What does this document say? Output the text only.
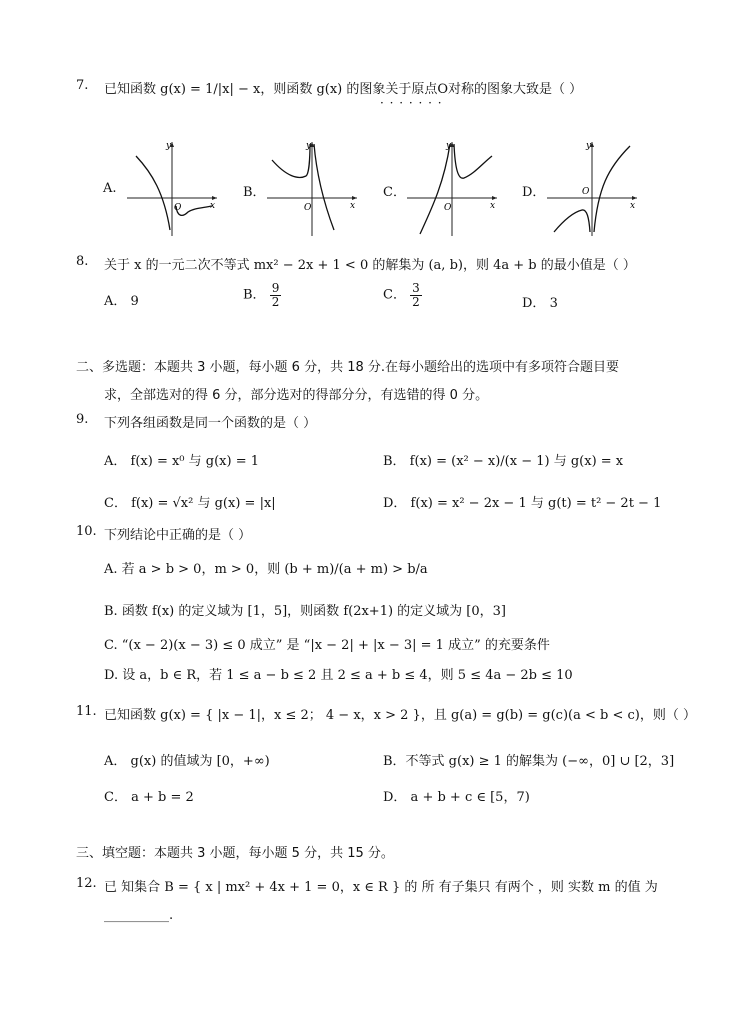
7. 已知函数 g(x) = 1/|x| − x，则函数 g(x) 的图象关于原点O对称的图象大致是（ ）
· · · · · · ·
A.
y
x
O
B．
y
x
O
C．
y
x
O
D．
y
x
O
8. 关于 x 的一元二次不等式 mx² − 2x + 1 < 0 的解集为 (a, b)，则 4a + b 的最小值是（ ）
A． 9	B． $\frac{9}{2}$	C． $\frac{3}{2}$	D． 3
二、多选题：本题共 3 小题，每小题 6 分，共 18 分.在每小题给出的选项中有多项符合题目要
求，全部选对的得 6 分，部分选对的得部分分，有选错的得 0 分。
9. 下列各组函数是同一个函数的是（ ）
A． f(x) = x⁰ 与 g(x) = 1	B． f(x) = (x² − x)/(x − 1) 与 g(x) = x
C． f(x) = √x² 与 g(x) = |x|	D． f(x) = x² − 2x − 1 与 g(t) = t² − 2t − 1
10. 下列结论中正确的是（ ）
A. 若 a > b > 0，m > 0，则 (b + m)/(a + m) > b/a
B. 函数 f(x) 的定义域为 [1，5]，则函数 f(2x+1) 的定义域为 [0，3]
C. “(x − 2)(x − 3) ≤ 0 成立” 是 “|x − 2| + |x − 3| = 1 成立” 的充要条件
D. 设 a，b ∈ R，若 1 ≤ a − b ≤ 2 且 2 ≤ a + b ≤ 4，则 5 ≤ 4a − 2b ≤ 10
11. 已知函数 g(x) = { |x − 1|，x ≤ 2； 4 − x，x > 2 }，且 g(a) = g(b) = g(c)(a < b < c)，则（ ）
A． g(x) 的值域为 [0，+∞)	B．不等式 g(x) ≥ 1 的解集为 (−∞，0] ∪ [2，3]
C． a + b = 2	D． a + b + c ∈ [5，7)
三、填空题：本题共 3 小题，每小题 5 分，共 15 分。
12. 已 知集合 B = { x | mx² + 4x + 1 = 0，x ∈ R } 的 所 有子集只 有两个 ，则 实数 m 的值 为
__________.
